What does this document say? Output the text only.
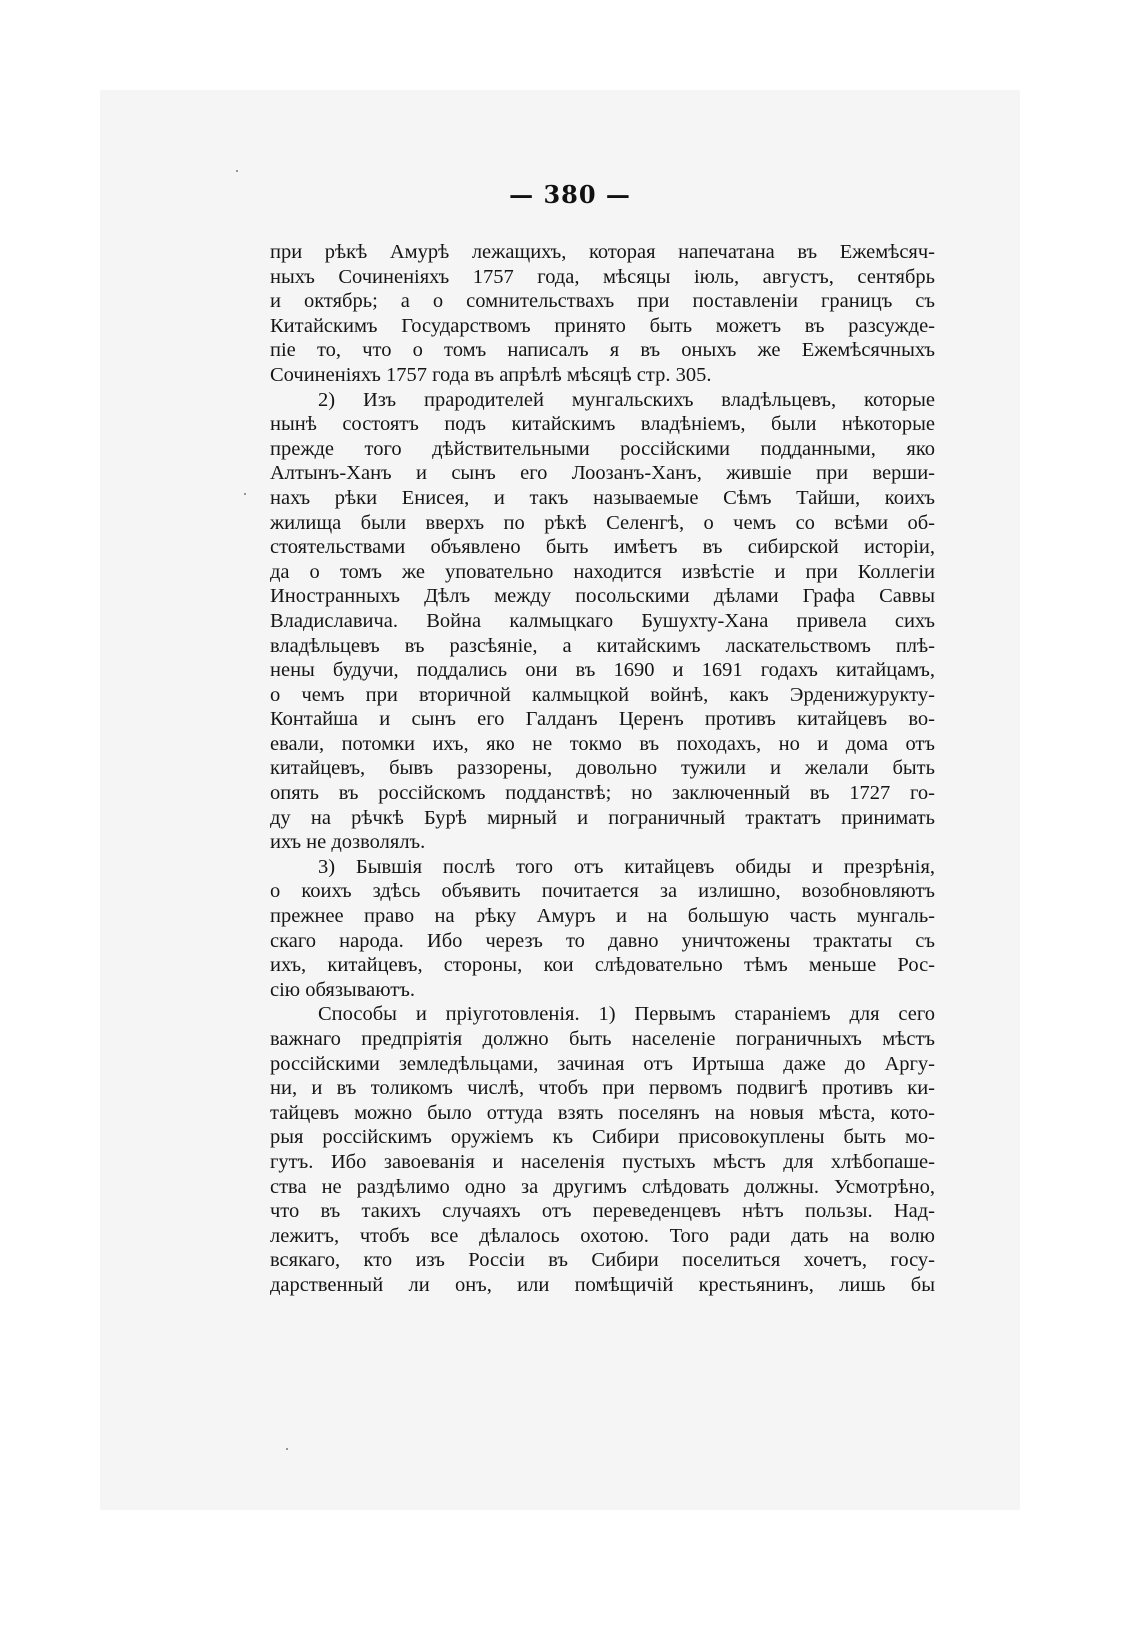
— 380 —

при рѣкѣ Амурѣ лежащихъ, которая напечатана въ Ежемѣсяч-

ныхъ Сочиненіяхъ 1757 года, мѣсяцы іюль, августъ, сентябрь

и октябрь; а о сомнительствахъ при поставленіи границъ съ

Китайскимъ Государствомъ принято быть можетъ въ разсужде-

піе то, что о томъ написалъ я въ оныхъ же Ежемѣсячныхъ

Сочиненіяхъ 1757 года въ апрѣлѣ мѣсяцѣ стр. 305.

2) Изъ прародителей мунгальскихъ владѣльцевъ, которые

нынѣ состоятъ подъ китайскимъ владѣніемъ, были нѣкоторые

прежде того дѣйствительными россійскими подданными, яко

Алтынъ-Ханъ и сынъ его Лоозанъ-Ханъ, жившіе при верши-

нахъ рѣки Енисея, и такъ называемые Сѣмъ Тайши, коихъ

жилища были вверхъ по рѣкѣ Селенгѣ, о чемъ со всѣми об-

стоятельствами объявлено быть имѣетъ въ сибирской исторіи,

да о томъ же уповательно находится извѣстіе и при Коллегіи

Иностранныхъ Дѣлъ между посольскими дѣлами Графа Саввы

Владиславича. Война калмыцкаго Бушухту-Хана привела сихъ

владѣльцевъ въ разсѣяніе, а китайскимъ ласкательствомъ плѣ-

нены будучи, поддались они въ 1690 и 1691 годахъ китайцамъ,

о чемъ при вторичной калмыцкой войнѣ, какъ Эрденижурукту-

Контайша и сынъ его Галданъ Церенъ противъ китайцевъ во-

евали, потомки ихъ, яко не токмо въ походахъ, но и дома отъ

китайцевъ, бывъ раззорены, довольно тужили и желали быть

опять въ россійскомъ подданствѣ; но заключенный въ 1727 го-

ду на рѣчкѣ Бурѣ мирный и пограничный трактатъ принимать

ихъ не дозволялъ.

3) Бывшія послѣ того отъ китайцевъ обиды и презрѣнія,

о коихъ здѣсь объявить почитается за излишно, возобновляютъ

прежнее право на рѣку Амуръ и на большую часть мунгаль-

скаго народа. Ибо черезъ то давно уничтожены трактаты съ

ихъ, китайцевъ, стороны, кои слѣдовательно тѣмъ меньше Рос-

сію обязываютъ.

Способы и пріуготовленія. 1) Первымъ стараніемъ для сего

важнаго предпріятія должно быть населеніе пограничныхъ мѣстъ

россійскими земледѣльцами, зачиная отъ Иртыша даже до Аргу-

ни, и въ толикомъ числѣ, чтобъ при первомъ подвигѣ противъ ки-

тайцевъ можно было оттуда взять поселянъ на новыя мѣста, кото-

рыя россійскимъ оружіемъ къ Сибири присовокуплены быть мо-

гутъ. Ибо завоеванія и населенія пустыхъ мѣстъ для хлѣбопаше-

ства не раздѣлимо одно за другимъ слѣдовать должны. Усмотрѣно,

что въ такихъ случаяхъ отъ переведенцевъ нѣтъ пользы. Над-

лежитъ, чтобъ все дѣлалось охотою. Того ради дать на волю

всякаго, кто изъ Россіи въ Сибири поселиться хочетъ, госу-

дарственный ли онъ, или помѣщичій крестьянинъ, лишь бы
